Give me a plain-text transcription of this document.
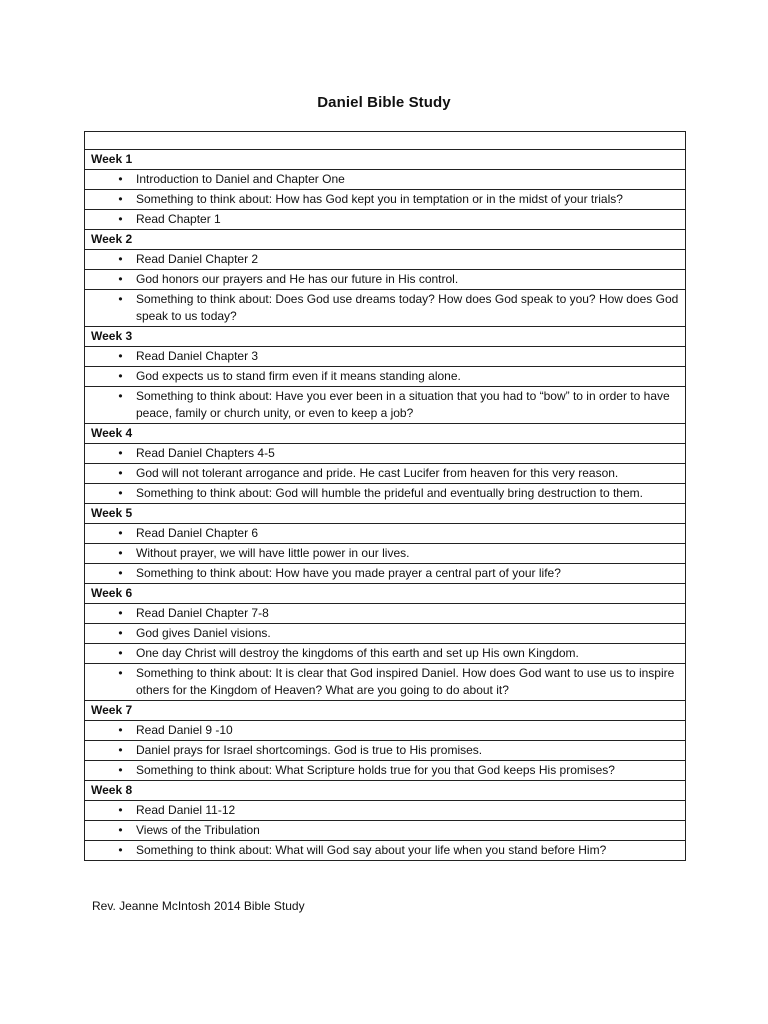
Daniel Bible Study

Week 1

•	Introduction to Daniel and Chapter One

•	Something to think about: How has God kept you in temptation or in the midst of your trials?

•	Read Chapter 1

Week 2

•	Read Daniel Chapter 2

•	God honors our prayers and He has our future in His control.

•	Something to think about: Does God use dreams today? How does God speak to you? How does God speak to us today?

Week 3

•	Read Daniel Chapter 3

•	God expects us to stand firm even if it means standing alone.

•	Something to think about: Have you ever been in a situation that you had to “bow” to in order to have peace, family or church unity, or even to keep a job?

Week 4

•	Read Daniel Chapters 4-5

•	God will not tolerant arrogance and pride. He cast Lucifer from heaven for this very reason.

•	Something to think about: God will humble the prideful and eventually bring destruction to them.

Week 5

•	Read Daniel Chapter 6

•	Without prayer, we will have little power in our lives.

•	Something to think about: How have you made prayer a central part of your life?

Week 6

•	Read Daniel Chapter 7-8

•	God gives Daniel visions.

•	One day Christ will destroy the kingdoms of this earth and set up His own Kingdom.

•	Something to think about: It is clear that God inspired Daniel. How does God want to use us to inspire others for the Kingdom of Heaven? What are you going to do about it?

Week 7

•	Read Daniel 9 -10

•	Daniel prays for Israel shortcomings. God is true to His promises.

•	Something to think about: What Scripture holds true for you that God keeps His promises?

Week 8

•	Read Daniel 11-12

•	Views of the Tribulation

•	Something to think about: What will God say about your life when you stand before Him?
Rev. Jeanne McIntosh 2014 Bible Study
